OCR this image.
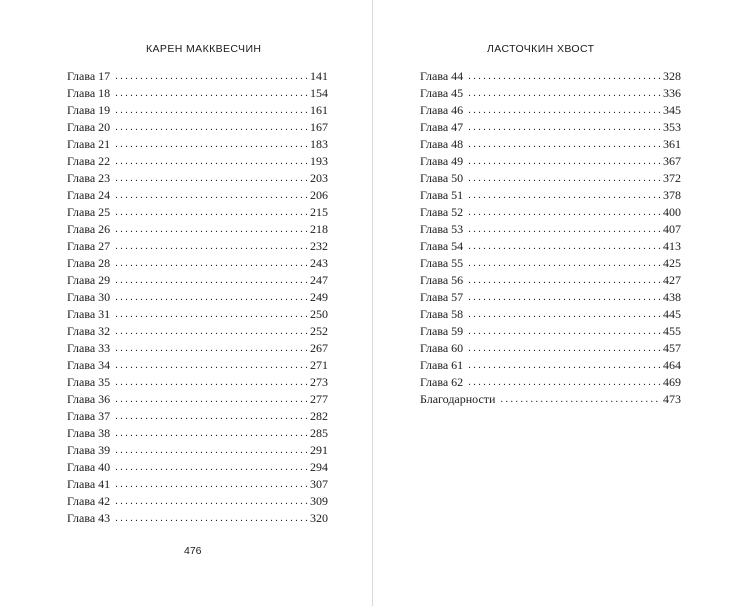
КАРЕН МАККВЕСЧИН
Глава 17 . . .	141
Глава 18 . . .	154
Глава 19 . . .	161
Глава 20 . . .	167
Глава 21 . . .	183
Глава 22 . . .	193
Глава 23 . . .	203
Глава 24 . . .	206
Глава 25 . . .	215
Глава 26 . . .	218
Глава 27 . . .	232
Глава 28 . . .	243
Глава 29 . . .	247
Глава 30 . . .	249
Глава 31 . . .	250
Глава 32 . . .	252
Глава 33 . . .	267
Глава 34 . . .	271
Глава 35 . . .	273
Глава 36 . . .	277
Глава 37 . . .	282
Глава 38 . . .	285
Глава 39 . . .	291
Глава 40 . . .	294
Глава 41 . . .	307
Глава 42 . . .	309
Глава 43 . . .	320
476
ЛАСТОЧКИН ХВОСТ
Глава 44 . . .	328
Глава 45 . . .	336
Глава 46 . . .	345
Глава 47 . . .	353
Глава 48 . . .	361
Глава 49 . . .	367
Глава 50 . . .	372
Глава 51 . . .	378
Глава 52 . . .	400
Глава 53 . . .	407
Глава 54 . . .	413
Глава 55 . . .	425
Глава 56 . . .	427
Глава 57 . . .	438
Глава 58 . . .	445
Глава 59 . . .	455
Глава 60 . . .	457
Глава 61 . . .	464
Глава 62 . . .	469
Благодарности . . .	473
